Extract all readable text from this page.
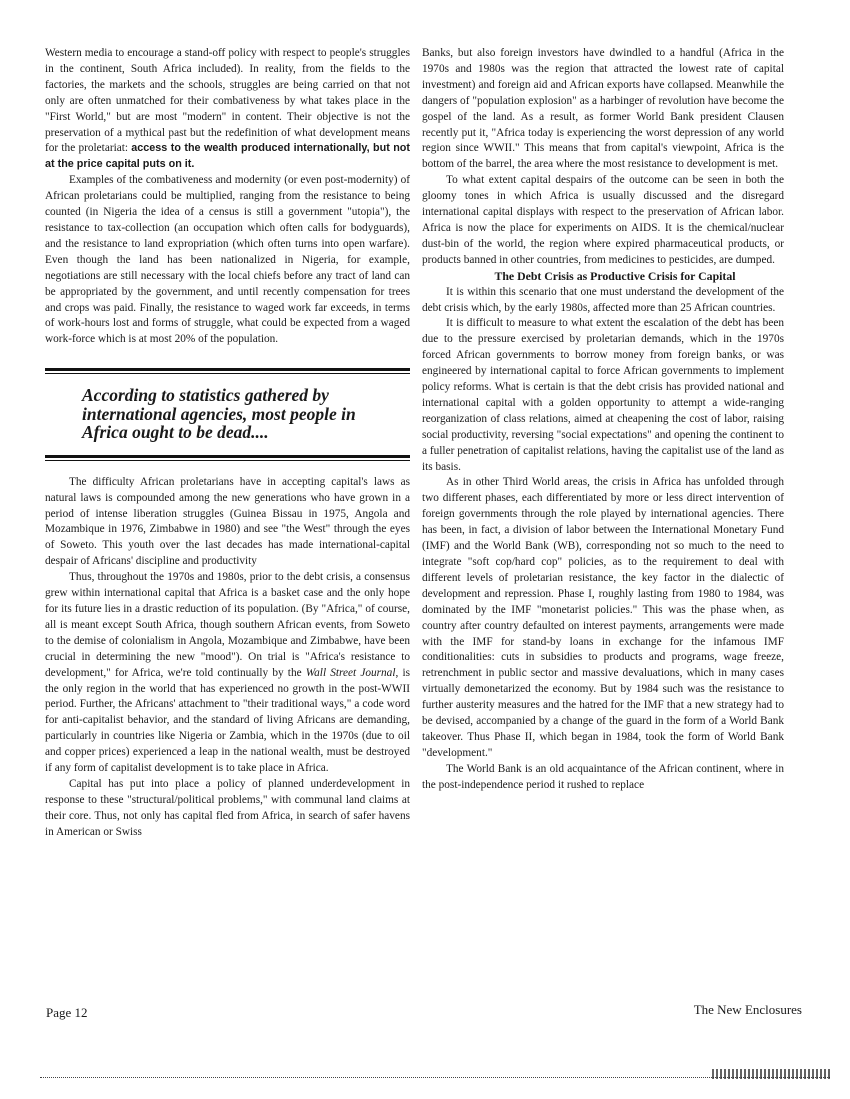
Western media to encourage a stand-off policy with respect to people's struggles in the continent, South Africa included). In reality, from the fields to the factories, the markets and the schools, struggles are being carried on that not only are often unmatched for their combativeness by what takes place in the "First World," but are most "modern" in content. Their objective is not the preservation of a mythical past but the redefinition of what development means for the proletariat: access to the wealth produced internationally, but not at the price capital puts on it.

Examples of the combativeness and modernity (or even post-modernity) of African proletarians could be multiplied, ranging from the resistance to being counted (in Nigeria the idea of a census is still a government "utopia"), the resistance to tax-collection (an occupation which often calls for bodyguards), and the resistance to land expropriation (which often turns into open warfare). Even though the land has been nationalized in Nigeria, for example, negotiations are still necessary with the local chiefs before any tract of land can be appropriated by the government, and until recently compensation for trees and crops was paid. Finally, the resistance to waged work far exceeds, in terms of work-hours lost and forms of struggle, what could be expected from a waged work-force which is at most 20% of the population.

According to statistics gathered by international agencies, most people in Africa ought to be dead....

The difficulty African proletarians have in accepting capital's laws as natural laws is compounded among the new generations who have grown in a period of intense liberation struggles (Guinea Bissau in 1975, Angola and Mozambique in 1976, Zimbabwe in 1980) and see "the West" through the eyes of Soweto. This youth over the last decades has made international-capital despair of Africans' discipline and productivity

Thus, throughout the 1970s and 1980s, prior to the debt crisis, a consensus grew within international capital that Africa is a basket case and the only hope for its future lies in a drastic reduction of its population. (By "Africa," of course, all is meant except South Africa, though southern African events, from Soweto to the demise of colonialism in Angola, Mozambique and Zimbabwe, have been crucial in determining the new "mood"). On trial is "Africa's resistance to development," for Africa, we're told continually by the Wall Street Journal, is the only region in the world that has experienced no growth in the post-WWII period. Further, the Africans' attachment to "their traditional ways," a code word for anti-capitalist behavior, and the standard of living Africans are demanding, particularly in countries like Nigeria or Zambia, which in the 1970s (due to oil and copper prices) experienced a leap in the national wealth, must be destroyed if any form of capitalist development is to take place in Africa.

Capital has put into place a policy of planned underdevelopment in response to these "structural/political problems," with communal land claims at their core. Thus, not only has capital fled from Africa, in search of safer havens in American or Swiss

Banks, but also foreign investors have dwindled to a handful (Africa in the 1970s and 1980s was the region that attracted the lowest rate of capital investment) and foreign aid and African exports have collapsed. Meanwhile the dangers of "population explosion" as a harbinger of revolution have become the gospel of the land. As a result, as former World Bank president Clausen recently put it, "Africa today is experiencing the worst depression of any world region since WWII." This means that from capital's viewpoint, Africa is the bottom of the barrel, the area where the most resistance to development is met.

To what extent capital despairs of the outcome can be seen in both the gloomy tones in which Africa is usually discussed and the disregard international capital displays with respect to the preservation of African labor. Africa is now the place for experiments on AIDS. It is the chemical/nuclear dust-bin of the world, the region where expired pharmaceutical products, or products banned in other countries, from medicines to pesticides, are dumped.

The Debt Crisis as Productive Crisis for Capital

It is within this scenario that one must understand the development of the debt crisis which, by the early 1980s, affected more than 25 African countries.

It is difficult to measure to what extent the escalation of the debt has been due to the pressure exercised by proletarian demands, which in the 1970s forced African governments to borrow money from foreign banks, or was engineered by international capital to force African governments to implement policy reforms. What is certain is that the debt crisis has provided national and international capital with a golden opportunity to attempt a wide-ranging reorganization of class relations, aimed at cheapening the cost of labor, raising social productivity, reversing "social expectations" and opening the continent to a fuller penetration of capitalist relations, having the capitalist use of the land as its basis.

As in other Third World areas, the crisis in Africa has unfolded through two different phases, each differentiated by more or less direct intervention of foreign governments through the role played by international agencies. There has been, in fact, a division of labor between the International Monetary Fund (IMF) and the World Bank (WB), corresponding not so much to the need to integrate "soft cop/hard cop" policies, as to the requirement to deal with different levels of proletarian resistance, the key factor in the dialectic of development and repression. Phase I, roughly lasting from 1980 to 1984, was dominated by the IMF "monetarist policies." This was the phase when, as country after country defaulted on interest payments, arrangements were made with the IMF for stand-by loans in exchange for the infamous IMF conditionalities: cuts in subsidies to products and programs, wage freeze, retrenchment in public sector and massive devaluations, which in many cases virtually demonetarized the economy. But by 1984 such was the resistance to further austerity measures and the hatred for the IMF that a new strategy had to be devised, accompanied by a change of the guard in the form of a World Bank takeover. Thus Phase II, which began in 1984, took the form of World Bank "development."

The World Bank is an old acquaintance of the African continent, where in the post-independence period it rushed to replace

Page 12	The New Enclosures
